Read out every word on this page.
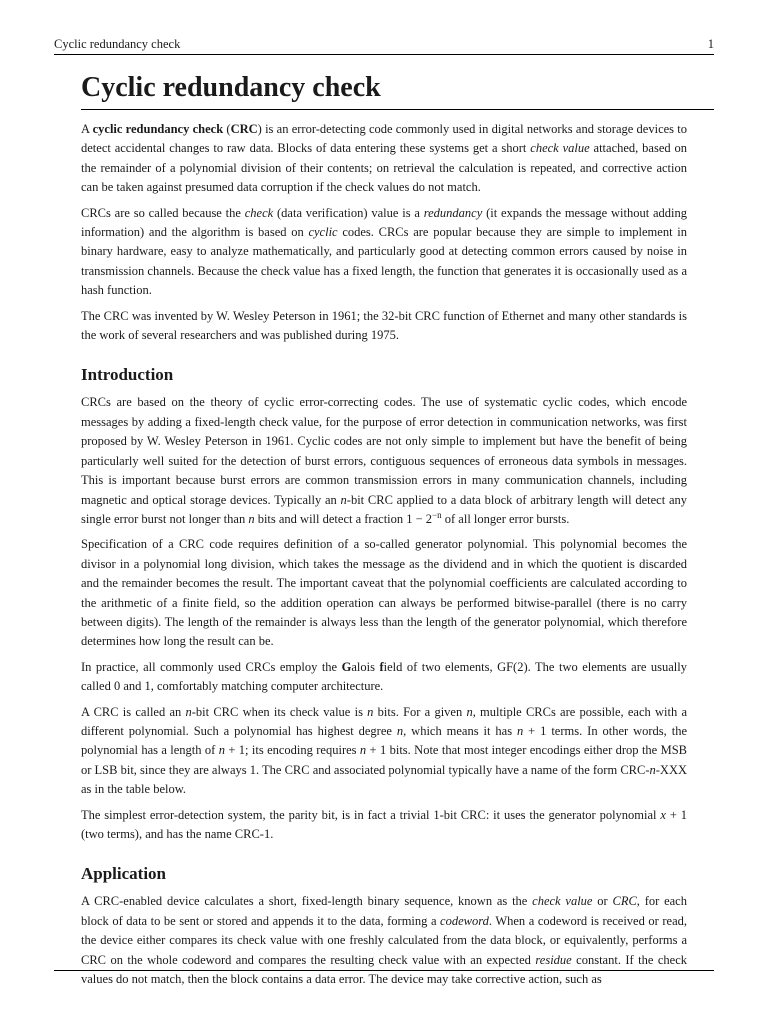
Cyclic redundancy check	1
Cyclic redundancy check

A cyclic redundancy check (CRC) is an error-detecting code commonly used in digital networks and storage devices to detect accidental changes to raw data. Blocks of data entering these systems get a short check value attached, based on the remainder of a polynomial division of their contents; on retrieval the calculation is repeated, and corrective action can be taken against presumed data corruption if the check values do not match.

CRCs are so called because the check (data verification) value is a redundancy (it expands the message without adding information) and the algorithm is based on cyclic codes. CRCs are popular because they are simple to implement in binary hardware, easy to analyze mathematically, and particularly good at detecting common errors caused by noise in transmission channels. Because the check value has a fixed length, the function that generates it is occasionally used as a hash function.

The CRC was invented by W. Wesley Peterson in 1961; the 32-bit CRC function of Ethernet and many other standards is the work of several researchers and was published during 1975.

Introduction

CRCs are based on the theory of cyclic error-correcting codes. The use of systematic cyclic codes, which encode messages by adding a fixed-length check value, for the purpose of error detection in communication networks, was first proposed by W. Wesley Peterson in 1961. Cyclic codes are not only simple to implement but have the benefit of being particularly well suited for the detection of burst errors, contiguous sequences of erroneous data symbols in messages. This is important because burst errors are common transmission errors in many communication channels, including magnetic and optical storage devices. Typically an n-bit CRC applied to a data block of arbitrary length will detect any single error burst not longer than n bits and will detect a fraction $1 - 2^{-n}$ of all longer error bursts.

Specification of a CRC code requires definition of a so-called generator polynomial. This polynomial becomes the divisor in a polynomial long division, which takes the message as the dividend and in which the quotient is discarded and the remainder becomes the result. The important caveat that the polynomial coefficients are calculated according to the arithmetic of a finite field, so the addition operation can always be performed bitwise-parallel (there is no carry between digits). The length of the remainder is always less than the length of the generator polynomial, which therefore determines how long the result can be.

In practice, all commonly used CRCs employ the Galois field of two elements, GF(2). The two elements are usually called 0 and 1, comfortably matching computer architecture.

A CRC is called an n-bit CRC when its check value is n bits. For a given n, multiple CRCs are possible, each with a different polynomial. Such a polynomial has highest degree n, which means it has n + 1 terms. In other words, the polynomial has a length of n + 1; its encoding requires n + 1 bits. Note that most integer encodings either drop the MSB or LSB bit, since they are always 1. The CRC and associated polynomial typically have a name of the form CRC-n-XXX as in the table below.

The simplest error-detection system, the parity bit, is in fact a trivial 1-bit CRC: it uses the generator polynomial x + 1 (two terms), and has the name CRC-1.

Application

A CRC-enabled device calculates a short, fixed-length binary sequence, known as the check value or CRC, for each block of data to be sent or stored and appends it to the data, forming a codeword. When a codeword is received or read, the device either compares its check value with one freshly calculated from the data block, or equivalently, performs a CRC on the whole codeword and compares the resulting check value with an expected residue constant. If the check values do not match, then the block contains a data error. The device may take corrective action, such as
